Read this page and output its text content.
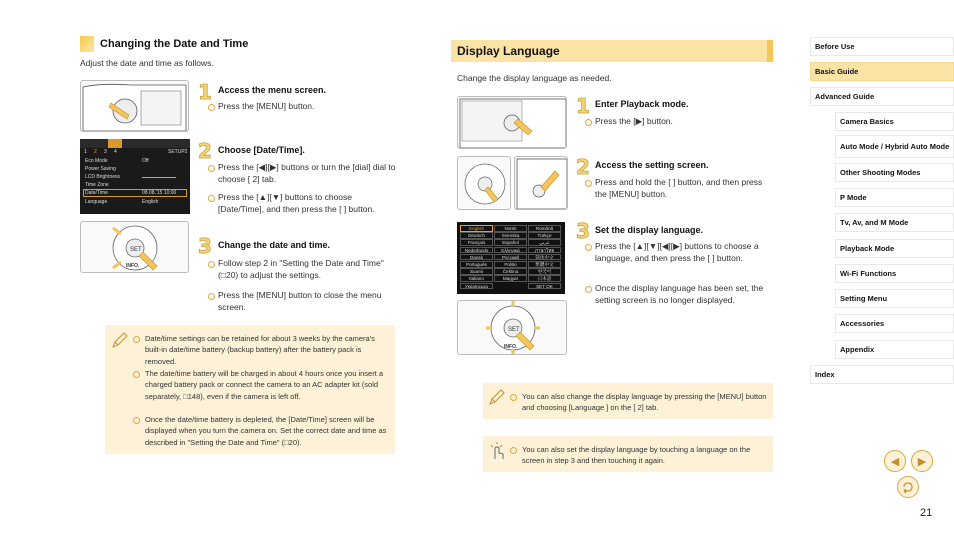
Changing the Date and Time
Adjust the date and time as follows.
1 Access the menu screen.
Press the [MENU] button.
1 2 3 4	SETUP2
Eco Mode	Off
Power Saving
LCD Brightness
Time Zone
Date/Time	08.08.'15 10:00
Language	English
2 Choose [Date/Time].
Press the [◀][▶] buttons or turn the [dial] dial to choose [ 2] tab.
Press the [▲][▼] buttons to choose [Date/Time], and then press the [ ] button.
SET
INFO.
3 Change the date and time.
Follow step 2 in "Setting the Date and Time" (□20) to adjust the settings.
Press the [MENU] button to close the menu screen.
Date/time settings can be retained for about 3 weeks by the camera's built-in date/time battery (backup battery) after the battery pack is removed.
The date/time battery will be charged in about 4 hours once you insert a charged battery pack or connect the camera to an AC adapter kit (sold separately, □148), even if the camera is left off.
Once the date/time battery is depleted, the [Date/Time] screen will be displayed when you turn the camera on. Set the correct date and time as described in "Setting the Date and Time" (□20).
Display Language
Change the display language as needed.
1 Enter Playback mode.
Press the [▶] button.
2 Access the setting screen.
Press and hold the [ ] button, and then press the [MENU] button.
English	Norsk	Română
Deutsch	Svenska	Türkçe
Français	Español	عربي
Nederlands	Ελληνικά	ภาษาไทย
Dansk	Русский	简体中文
Português	Polski	繁體中文
Suomi	Čeština	한국어
Italiano	Magyar	日本語
Українська	SET OK
3 Set the display language.
Press the [▲][▼][◀][▶] buttons to choose a language, and then press the [ ] button.
Once the display language has been set, the setting screen is no longer displayed.
SET
INFO.
You can also change the display language by pressing the [MENU] button and choosing [Language ] on the [ 2] tab.
You can also set the display language by touching a language on the screen in step 3 and then touching it again.
Before Use
Basic Guide
Advanced Guide
Camera Basics
Auto Mode / Hybrid Auto Mode
Other Shooting Modes
P Mode
Tv, Av, and M Mode
Playback Mode
Wi-Fi Functions
Setting Menu
Accessories
Appendix
Index
◀ ▶
21
